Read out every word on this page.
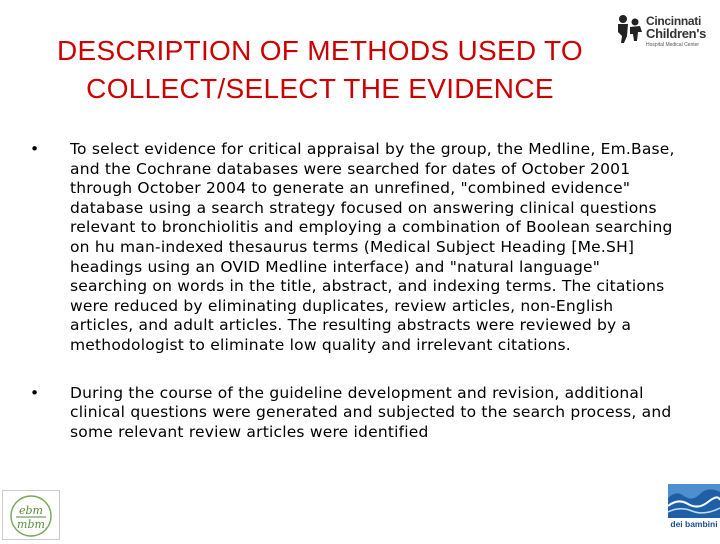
DESCRIPTION OF METHODS USED TO COLLECT/SELECT THE EVIDENCE
Cincinnati
Children's
Hospital Medical Center
•	To select evidence for critical appraisal by the group, the Medline, Em.Base, and the Cochrane databases were searched for dates of October 2001 through October 2004 to generate an unrefined, "combined evidence" database using a search strategy focused on answering clinical questions relevant to bronchiolitis and employing a combination of Boolean searching on hu man-indexed thesaurus terms (Medical Subject Heading [Me.SH] headings using an OVID Medline interface) and "natural language" searching on words in the title, abstract, and indexing terms. The citations were reduced by eliminating duplicates, review articles, non-English articles, and adult articles. The resulting abstracts were reviewed by a methodologist to eliminate low quality and irrelevant citations.
•	During the course of the guideline development and revision, additional clinical questions were generated and subjected to the search process, and some relevant review articles were identified
ebm
mbm	dei bambini
